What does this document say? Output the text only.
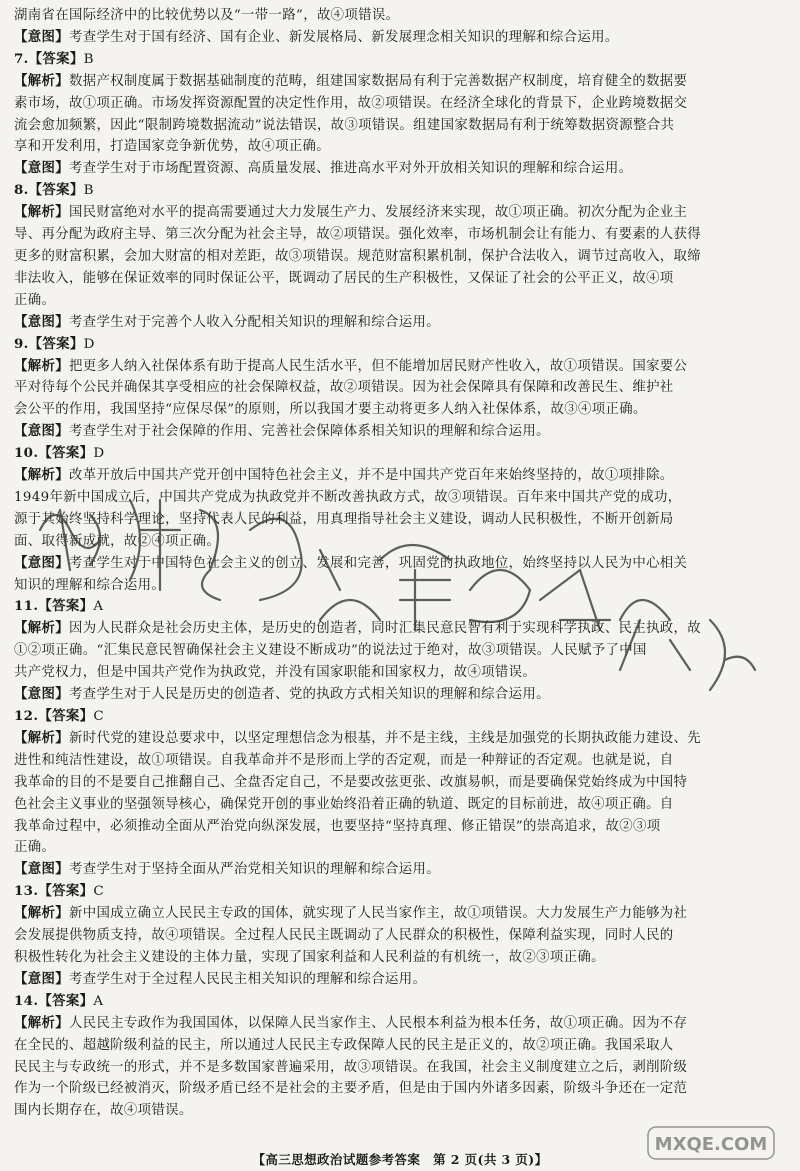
湖南省在国际经济中的比较优势以及“一带一路”，故④项错误。

【意图】考查学生对于国有经济、国有企业、新发展格局、新发展理念相关知识的理解和综合运用。

7.【答案】B

【解析】数据产权制度属于数据基础制度的范畴，组建国家数据局有利于完善数据产权制度，培育健全的数据要

素市场，故①项正确。市场发挥资源配置的决定性作用，故②项错误。在经济全球化的背景下，企业跨境数据交

流会愈加频繁，因此“限制跨境数据流动”说法错误，故③项错误。组建国家数据局有利于统筹数据资源整合共

享和开发利用，打造国家竞争新优势，故④项正确。

【意图】考查学生对于市场配置资源、高质量发展、推进高水平对外开放相关知识的理解和综合运用。

8.【答案】B

【解析】国民财富绝对水平的提高需要通过大力发展生产力、发展经济来实现，故①项正确。初次分配为企业主

导、再分配为政府主导、第三次分配为社会主导，故②项错误。强化效率，市场机制会让有能力、有要素的人获得

更多的财富积累，会加大财富的相对差距，故③项错误。规范财富积累机制，保护合法收入，调节过高收入，取缔

非法收入，能够在保证效率的同时保证公平，既调动了居民的生产积极性，又保证了社会的公平正义，故④项

正确。

【意图】考查学生对于完善个人收入分配相关知识的理解和综合运用。

9.【答案】D

【解析】把更多人纳入社保体系有助于提高人民生活水平，但不能增加居民财产性收入，故①项错误。国家要公

平对待每个公民并确保其享受相应的社会保障权益，故②项错误。因为社会保障具有保障和改善民生、维护社

会公平的作用，我国坚持“应保尽保”的原则，所以我国才要主动将更多人纳入社保体系，故③④项正确。

【意图】考查学生对于社会保障的作用、完善社会保障体系相关知识的理解和综合运用。

10.【答案】D

【解析】改革开放后中国共产党开创中国特色社会主义，并不是中国共产党百年来始终坚持的，故①项排除。

1949年新中国成立后，中国共产党成为执政党并不断改善执政方式，故③项错误。百年来中国共产党的成功，

源于其始终坚持科学理论，坚持代表人民的利益，用真理指导社会主义建设，调动人民积极性，不断开创新局

面、取得新成就，故②④项正确。

【意图】考查学生对于中国特色社会主义的创立、发展和完善，巩固党的执政地位，始终坚持以人民为中心相关

知识的理解和综合运用。

11.【答案】A

【解析】因为人民群众是社会历史主体，是历史的创造者，同时汇集民意民智有利于实现科学执政、民主执政，故

①②项正确。“汇集民意民智确保社会主义建设不断成功”的说法过于绝对，故③项错误。人民赋予了中国

共产党权力，但是中国共产党作为执政党，并没有国家职能和国家权力，故④项错误。

【意图】考查学生对于人民是历史的创造者、党的执政方式相关知识的理解和综合运用。

12.【答案】C

【解析】新时代党的建设总要求中，以坚定理想信念为根基，并不是主线，主线是加强党的长期执政能力建设、先

进性和纯洁性建设，故①项错误。自我革命并不是形而上学的否定观，而是一种辩证的否定观。也就是说，自

我革命的目的不是要自己推翻自己、全盘否定自己，不是要改弦更张、改旗易帜，而是要确保党始终成为中国特

色社会主义事业的坚强领导核心，确保党开创的事业始终沿着正确的轨道、既定的目标前进，故④项正确。自

我革命过程中，必须推动全面从严治党向纵深发展，也要坚持“坚持真理、修正错误”的崇高追求，故②③项

正确。

【意图】考查学生对于坚持全面从严治党相关知识的理解和综合运用。

13.【答案】C

【解析】新中国成立确立人民民主专政的国体，就实现了人民当家作主，故①项错误。大力发展生产力能够为社

会发展提供物质支持，故④项错误。全过程人民民主既调动了人民群众的积极性，保障利益实现，同时人民的

积极性转化为社会主义建设的主体力量，实现了国家利益和人民利益的有机统一，故②③项正确。

【意图】考查学生对于全过程人民民主相关知识的理解和综合运用。

14.【答案】A

【解析】人民民主专政作为我国国体，以保障人民当家作主、人民根本利益为根本任务，故①项正确。因为不存

在全民的、超越阶级利益的民主，所以通过人民民主专政保障人民的民主是正义的，故②项正确。我国采取人

民民主与专政统一的形式，并不是多数国家普遍采用，故③项错误。在我国，社会主义制度建立之后，剥削阶级

作为一个阶级已经被消灭，阶级矛盾已经不是社会的主要矛盾，但是由于国内外诸多因素，阶级斗争还在一定范

围内长期存在，故④项错误。

MXQE.COM
【高三思想政治试题参考答案　第 2 页(共 3 页)】
